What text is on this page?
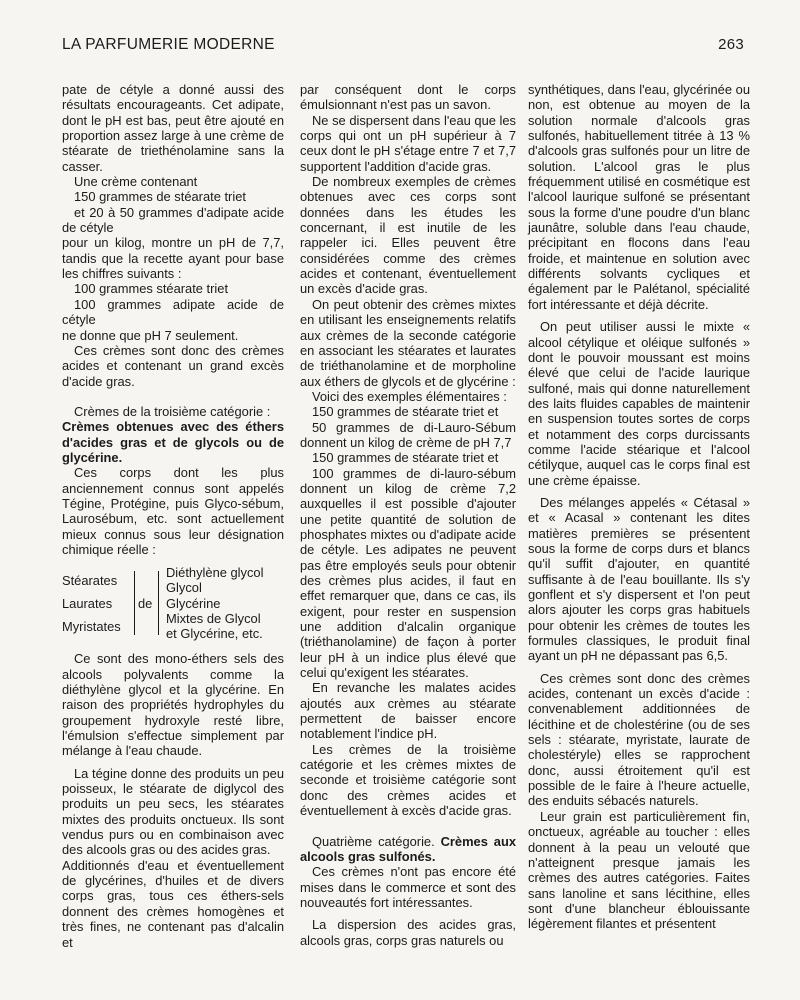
LA PARFUMERIE MODERNE	263

pate de cétyle a donné aussi des résultats encourageants. Cet adipate, dont le pH est bas, peut être ajouté en proportion assez large à une crème de stéarate de triethénolamine sans la casser.

Une crème contenant

150 grammes de stéarate triet

et 20 à 50 grammes d'adipate acide de cétyle

pour un kilog, montre un pH de 7,7, tandis que la recette ayant pour base les chiffres suivants :

100 grammes stéarate triet

100 grammes adipate acide de cétyle

ne donne que pH 7 seulement.

Ces crèmes sont donc des crèmes acides et contenant un grand excès d'acide gras.

Crèmes de la troisième catégorie :

Crèmes obtenues avec des éthers d'acides gras et de glycols ou de glycérine.

Ces corps dont les plus anciennement connus sont appelés Tégine, Protégine, puis Glyco-sébum, Laurosébum, etc. sont actuellement mieux connus sous leur désignation chimique réelle :

Stéarates
Laurates
Myristates
de
Diéthylène glycol
Glycol
Glycérine
Mixtes de Glycol
et Glycérine, etc.

Ce sont des mono-éthers sels des alcools polyvalents comme la diéthylène glycol et la glycérine. En raison des propriétés hydrophyles du groupement hydroxyle resté libre, l'émulsion s'effectue simplement par mélange à l'eau chaude.

La tégine donne des produits un peu poisseux, le stéarate de diglycol des produits un peu secs, les stéarates mixtes des produits onctueux. Ils sont vendus purs ou en combinaison avec des alcools gras ou des acides gras.

Additionnés d'eau et éventuellement de glycérines, d'huiles et de divers corps gras, tous ces éthers-sels donnent des crèmes homogènes et très fines, ne contenant pas d'alcalin et

par conséquent dont le corps émulsionnant n'est pas un savon.

Ne se dispersent dans l'eau que les corps qui ont un pH supérieur à 7 ceux dont le pH s'étage entre 7 et 7,7 supportent l'addition d'acide gras.

De nombreux exemples de crèmes obtenues avec ces corps sont données dans les études les concernant, il est inutile de les rappeler ici. Elles peuvent être considérées comme des crèmes acides et contenant, éventuellement un excès d'acide gras.

On peut obtenir des crèmes mixtes en utilisant les enseignements relatifs aux crèmes de la seconde catégorie en associant les stéarates et laurates de triéthanolamine et de morpholine aux éthers de glycols et de glycérine :

Voici des exemples élémentaires :

150 grammes de stéarate triet et

50 grammes de di-Lauro-Sébum donnent un kilog de crème de pH 7,7

150 grammes de stéarate triet et

100 grammes de di-lauro-sébum donnent un kilog de crème 7,2 auxquelles il est possible d'ajouter une petite quantité de solution de phosphates mixtes ou d'adipate acide de cétyle. Les adipates ne peuvent pas être employés seuls pour obtenir des crèmes plus acides, il faut en effet remarquer que, dans ce cas, ils exigent, pour rester en suspension une addition d'alcalin organique (triéthanolamine) de façon à porter leur pH à un indice plus élevé que celui qu'exigent les stéarates.

En revanche les malates acides ajoutés aux crèmes au stéarate permettent de baisser encore notablement l'indice pH.

Les crèmes de la troisième catégorie et les crèmes mixtes de seconde et troisième catégorie sont donc des crèmes acides et éventuellement à excès d'acide gras.

Quatrième catégorie. Crèmes aux alcools gras sulfonés.

Ces crèmes n'ont pas encore été mises dans le commerce et sont des nouveautés fort intéressantes.

La dispersion des acides gras, alcools gras, corps gras naturels ou

synthétiques, dans l'eau, glycérinée ou non, est obtenue au moyen de la solution normale d'alcools gras sulfonés, habituellement titrée à 13 % d'alcools gras sulfonés pour un litre de solution. L'alcool gras le plus fréquemment utilisé en cosmétique est l'alcool laurique sulfoné se présentant sous la forme d'une poudre d'un blanc jaunâtre, soluble dans l'eau chaude, précipitant en flocons dans l'eau froide, et maintenue en solution avec différents solvants cycliques et également par le Palétanol, spécialité fort intéressante et déjà décrite.

On peut utiliser aussi le mixte « alcool cétylique et oléique sulfonés » dont le pouvoir moussant est moins élevé que celui de l'acide laurique sulfoné, mais qui donne naturellement des laits fluides capables de maintenir en suspension toutes sortes de corps et notamment des corps durcissants comme l'acide stéarique et l'alcool cétilyque, auquel cas le corps final est une crème épaisse.

Des mélanges appelés « Cétasal » et « Acasal » contenant les dites matières premières se présentent sous la forme de corps durs et blancs qu'il suffit d'ajouter, en quantité suffisante à de l'eau bouillante. Ils s'y gonflent et s'y dispersent et l'on peut alors ajouter les corps gras habituels pour obtenir les crèmes de toutes les formules classiques, le produit final ayant un pH ne dépassant pas 6,5.

Ces crèmes sont donc des crèmes acides, contenant un excès d'acide : convenablement additionnées de lécithine et de cholestérine (ou de ses sels : stéarate, myristate, laurate de cholestéryle) elles se rapprochent donc, aussi étroitement qu'il est possible de le faire à l'heure actuelle, des enduits sébacés naturels.

Leur grain est particulièrement fin, onctueux, agréable au toucher : elles donnent à la peau un velouté que n'atteignent presque jamais les crèmes des autres catégories. Faites sans lanoline et sans lécithine, elles sont d'une blancheur éblouissante légèrement filantes et présentent
